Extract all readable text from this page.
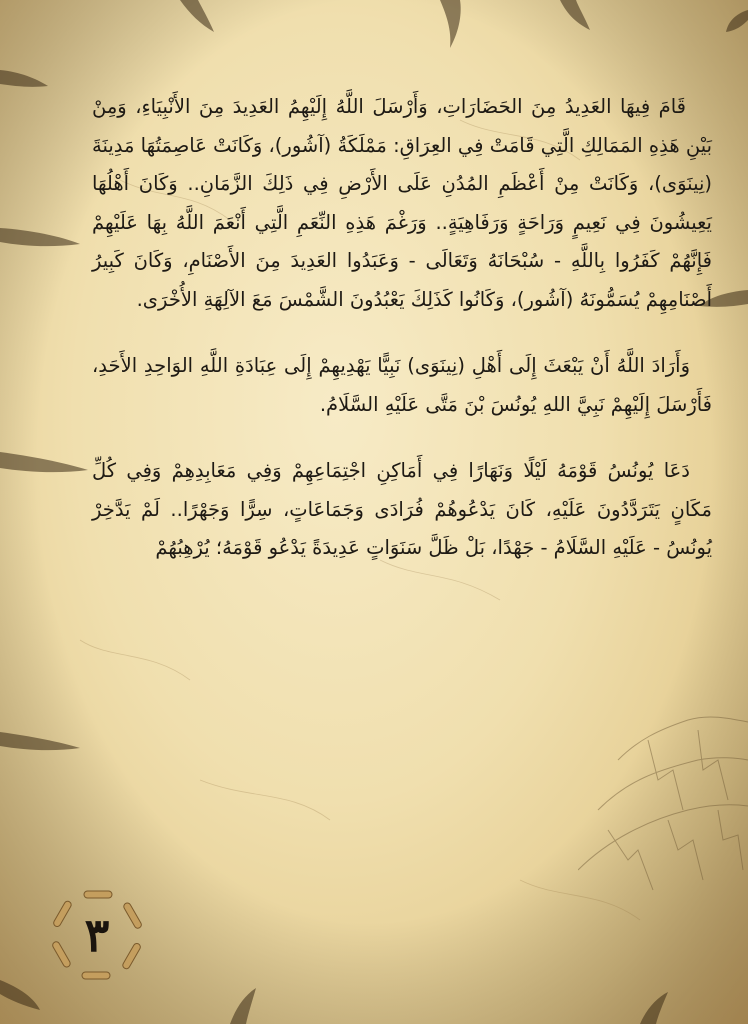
قَامَ فِيهَا العَدِيدُ مِنَ الحَضَارَاتِ، وَأَرْسَلَ اللَّهُ إِلَيْهِمُ العَدِيدَ مِنَ الأَنْبِيَاءِ، وَمِنْ بَيْنِ هَذِهِ المَمَالِكِ الَّتِي قَامَتْ فِي العِرَاقِ: مَمْلَكَةُ (آشُور)، وَكَانَتْ عَاصِمَتُهَا مَدِينَةَ (نِينَوَى)، وَكَانَتْ مِنْ أَعْظَمِ المُدُنِ عَلَى الأَرْضِ فِي ذَلِكَ الزَّمَانِ.. وَكَانَ أَهْلُهَا يَعِيشُونَ فِي نَعِيمٍ وَرَاحَةٍ وَرَفَاهِيَةٍ.. وَرَغْمَ هَذِهِ النِّعَمِ الَّتِي أَنْعَمَ اللَّهُ بِهَا عَلَيْهِمْ فَإِنَّهُمْ كَفَرُوا بِاللَّهِ - سُبْحَانَهُ وَتَعَالَى - وَعَبَدُوا العَدِيدَ مِنَ الأَصْنَامِ، وَكَانَ كَبِيرُ أَصْنَامِهِمْ يُسَمُّونَهُ (آشُور)، وَكَانُوا كَذَلِكَ يَعْبُدُونَ الشَّمْسَ مَعَ الآلِهَةِ الأُخْرَى.

وَأَرَادَ اللَّهُ أَنْ يَبْعَثَ إِلَى أَهْلِ (نِينَوَى) نَبِيًّا يَهْدِيهِمْ إِلَى عِبَادَةِ اللَّهِ الوَاحِدِ الأَحَدِ، فَأَرْسَلَ إِلَيْهِمْ نَبِيَّ اللهِ يُونُسَ بْنَ مَتَّى عَلَيْهِ السَّلَامُ.

دَعَا يُونُسُ قَوْمَهُ لَيْلًا وَنَهَارًا فِي أَمَاكِنِ اجْتِمَاعِهِمْ وَفِي مَعَابِدِهِمْ وَفِي كُلِّ مَكَانٍ يَتَرَدَّدُونَ عَلَيْهِ، كَانَ يَدْعُوهُمْ فُرَادَى وَجَمَاعَاتٍ، سِرًّا وَجَهْرًا.. لَمْ يَدَّخِرْ يُونُسُ - عَلَيْهِ السَّلَامُ - جَهْدًا، بَلْ ظَلَّ سَنَوَاتٍ عَدِيدَةً يَدْعُو قَوْمَهُ؛ يُرْهِبُهُمْ

٣
